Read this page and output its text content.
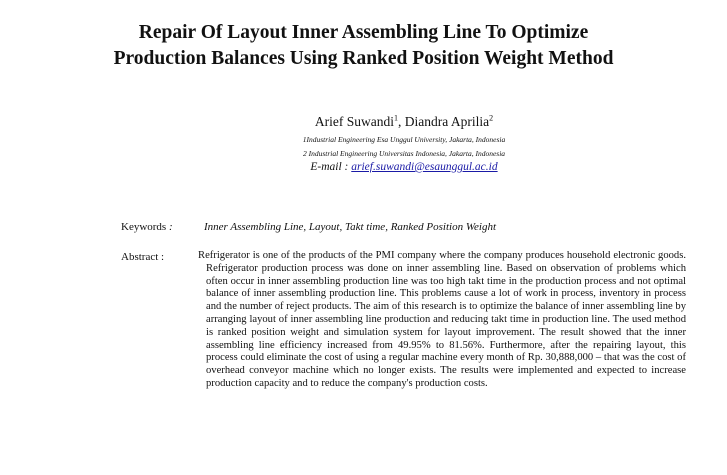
Repair Of Layout Inner Assembling Line To Optimize
Production Balances Using Ranked Position Weight Method
Arief Suwandi$^1$, Diandra Aprilia$^2$
1Industrial Engineering Esa Unggul University, Jakarta, Indonesia
2 Industrial Engineering Universitas Indonesia, Jakarta, Indonesia
E-mail : arief.suwandi@esaunggul.ac.id
Keywords :	Inner Assembling Line, Layout, Takt time, Ranked Position Weight
Abstract :	Refrigerator is one of the products of the PMI company where the company produces household electronic goods. Refrigerator production process was done on inner assembling line. Based on observation of problems which often occur in inner assembling production line was too high takt time in the production process and not optimal balance of inner assembling production line. This problems cause a lot of work in process, inventory in process and the number of reject products. The aim of this research is to optimize the balance of inner assembling line by arranging layout of inner assembling line production and reducing takt time in production line. The used method is ranked position weight and simulation system for layout improvement. The result showed that the inner assembling line efficiency increased from 49.95% to 81.56%. Furthermore, after the repairing layout, this process could eliminate the cost of using a regular machine every month of Rp. 30,888,000 – that was the cost of overhead conveyor machine which no longer exists. The results were implemented and expected to increase production capacity and to reduce the company's production costs.
